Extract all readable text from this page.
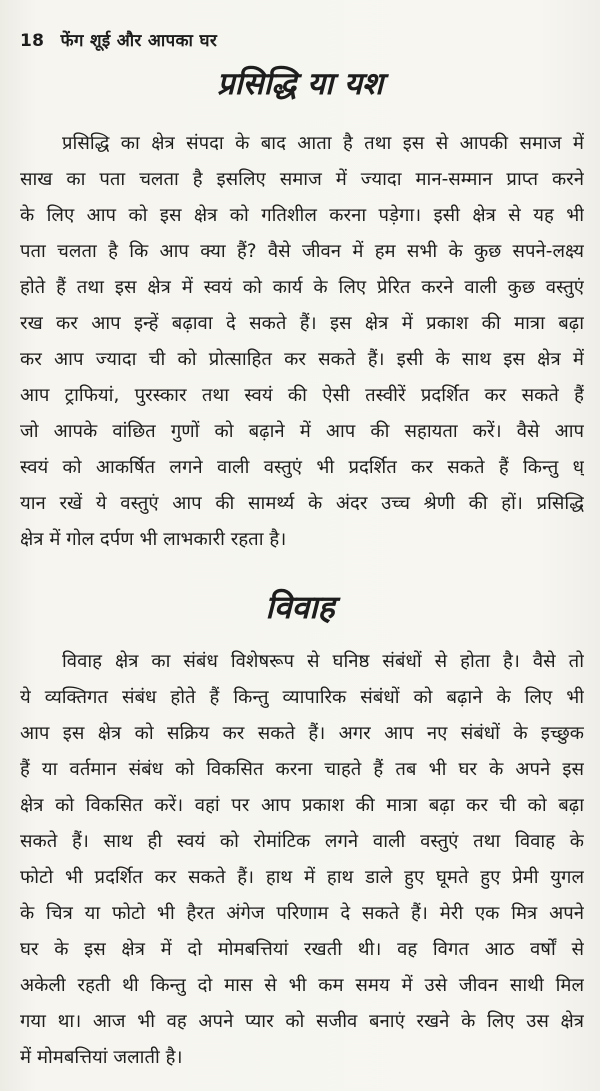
18 फेंग शूई और आपका घर
प्रसिद्धि या यश
प्रसिद्धि का क्षेत्र संपदा के बाद आता है तथा इस से आपकी समाज में
साख का पता चलता है इसलिए समाज में ज्यादा मान-सम्मान प्राप्त करने
के लिए आप को इस क्षेत्र को गतिशील करना पड़ेगा। इसी क्षेत्र से यह भी
पता चलता है कि आप क्या हैं? वैसे जीवन में हम सभी के कुछ सपने-लक्ष्य
होते हैं तथा इस क्षेत्र में स्वयं को कार्य के लिए प्रेरित करने वाली कुछ वस्तुएं
रख कर आप इन्हें बढ़ावा दे सकते हैं। इस क्षेत्र में प्रकाश की मात्रा बढ़ा
कर आप ज्यादा ची को प्रोत्साहित कर सकते हैं। इसी के साथ इस क्षेत्र में
आप ट्राफियां, पुरस्कार तथा स्वयं की ऐसी तस्वीरें प्रदर्शित कर सकते हैं
जो आपके वांछित गुणों को बढ़ाने में आप की सहायता करें। वैसे आप
स्वयं को आकर्षित लगने वाली वस्तुएं भी प्रदर्शित कर सकते हैं किन्तु ध्
यान रखें ये वस्तुएं आप की सामर्थ्य के अंदर उच्च श्रेणी की हों। प्रसिद्धि
क्षेत्र में गोल दर्पण भी लाभकारी रहता है।
विवाह
विवाह क्षेत्र का संबंध विशेषरूप से घनिष्ठ संबंधों से होता है। वैसे तो
ये व्यक्तिगत संबंध होते हैं किन्तु व्यापारिक संबंधों को बढ़ाने के लिए भी
आप इस क्षेत्र को सक्रिय कर सकते हैं। अगर आप नए संबंधों के इच्छुक
हैं या वर्तमान संबंध को विकसित करना चाहते हैं तब भी घर के अपने इस
क्षेत्र को विकसित करें। वहां पर आप प्रकाश की मात्रा बढ़ा कर ची को बढ़ा
सकते हैं। साथ ही स्वयं को रोमांटिक लगने वाली वस्तुएं तथा विवाह के
फोटो भी प्रदर्शित कर सकते हैं। हाथ में हाथ डाले हुए घूमते हुए प्रेमी युगल
के चित्र या फोटो भी हैरत अंगेज परिणाम दे सकते हैं। मेरी एक मित्र अपने
घर के इस क्षेत्र में दो मोमबत्तियां रखती थी। वह विगत आठ वर्षों से
अकेली रहती थी किन्तु दो मास से भी कम समय में उसे जीवन साथी मिल
गया था। आज भी वह अपने प्यार को सजीव बनाएं रखने के लिए उस क्षेत्र
में मोमबत्तियां जलाती है।
